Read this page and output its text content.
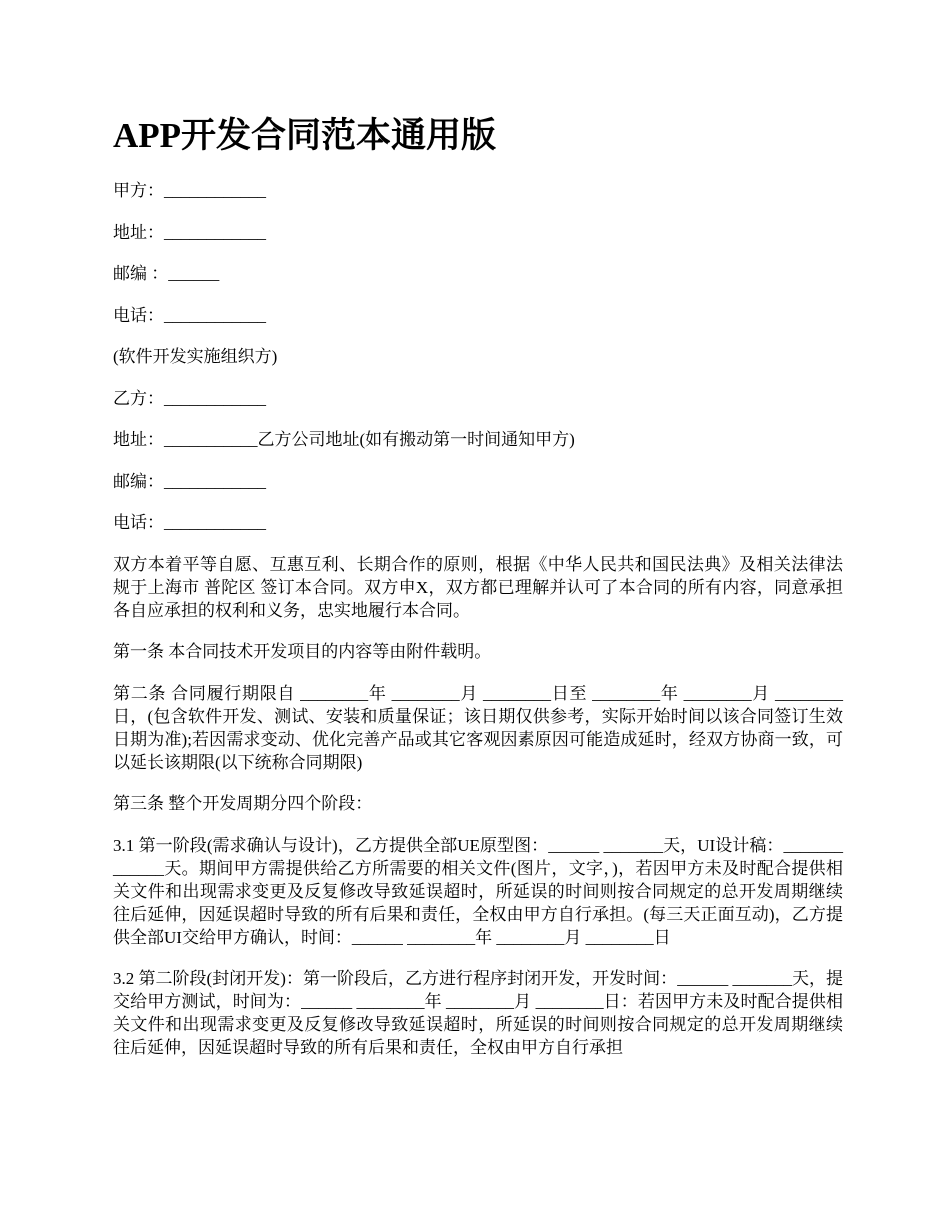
APP开发合同范本通用版

甲方：____________

地址：____________

邮编 ：______

电话：____________

(软件开发实施组织方)

乙方：____________

地址：___________乙方公司地址(如有搬动第一时间通知甲方)

邮编：____________

电话：____________

双方本着平等自愿、互惠互利、长期合作的原则，根据《中华人民共和国民法典》及相关法律法规于上海市 普陀区 签订本合同。双方申X，双方都已理解并认可了本合同的所有内容，同意承担各自应承担的权利和义务，忠实地履行本合同。

第一条 本合同技术开发项目的内容等由附件载明。

第二条 合同履行期限自 ________年 ________月 ________日至 ________年 ________月 ________日，(包含软件开发、测试、安装和质量保证；该日期仅供参考，实际开始时间以该合同签订生效日期为准);若因需求变动、优化完善产品或其它客观因素原因可能造成延时，经双方协商一致，可以延长该期限(以下统称合同期限)

第三条 整个开发周期分四个阶段：

3.1 第一阶段(需求确认与设计)，乙方提供全部UE原型图：______ _______天，UI设计稿：_____________天。期间甲方需提供给乙方所需要的相关文件(图片，文字，)，若因甲方未及时配合提供相关文件和出现需求变更及反复修改导致延误超时，所延误的时间则按合同规定的总开发周期继续往后延伸，因延误超时导致的所有后果和责任，全权由甲方自行承担。(每三天正面互动)，乙方提供全部UI交给甲方确认，时间：______ ________年 ________月 ________日

3.2 第二阶段(封闭开发)：第一阶段后，乙方进行程序封闭开发，开发时间：______ _______天，提交给甲方测试，时间为：______ ________年 ________月 ________日：若因甲方未及时配合提供相关文件和出现需求变更及反复修改导致延误超时，所延误的时间则按合同规定的总开发周期继续往后延伸，因延误超时导致的所有后果和责任，全权由甲方自行承担
